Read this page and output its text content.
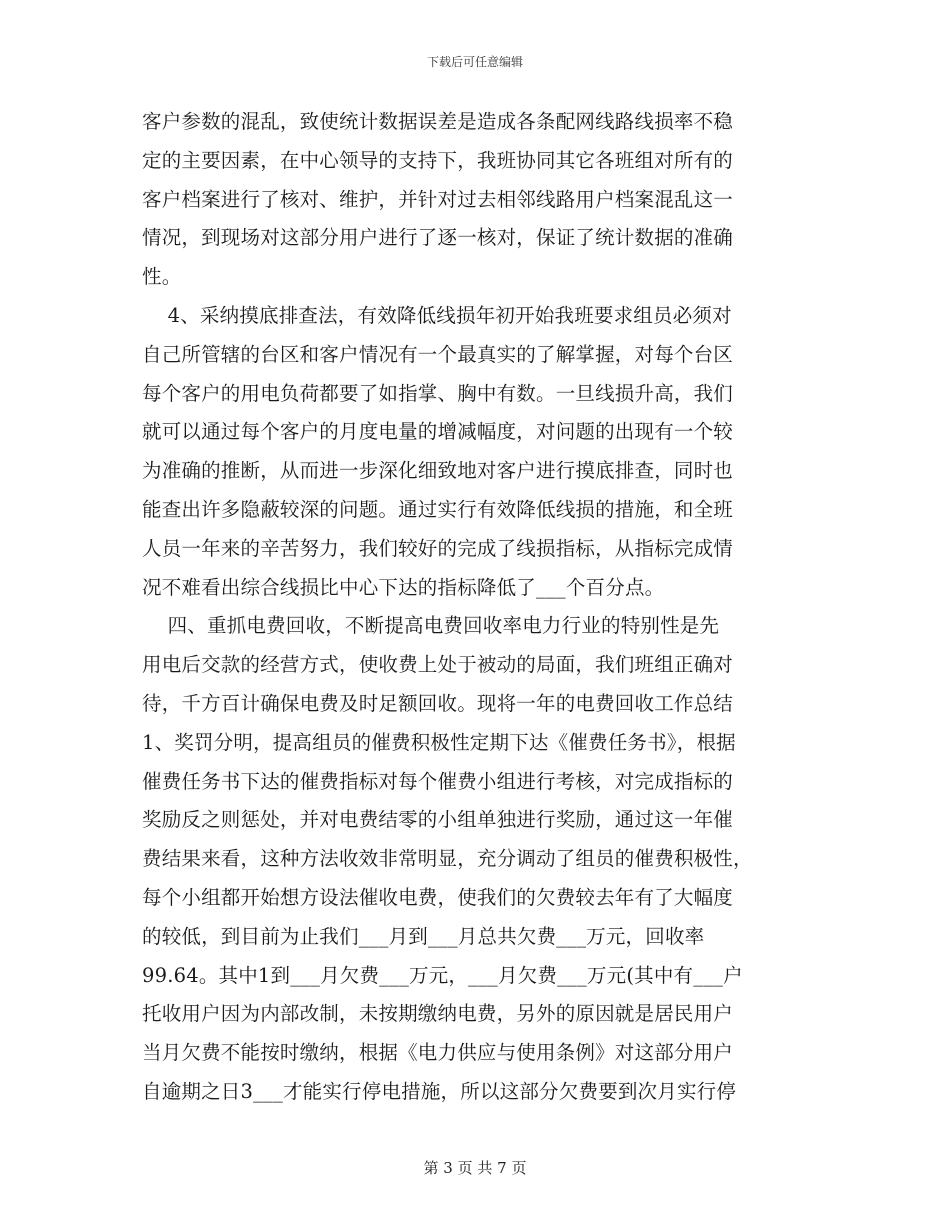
下载后可任意编辑
客户参数的混乱，致使统计数据误差是造成各条配网线路线损率不稳
定的主要因素，在中心领导的支持下，我班协同其它各班组对所有的
客户档案进行了核对、维护，并针对过去相邻线路用户档案混乱这一
情况，到现场对这部分用户进行了逐一核对，保证了统计数据的准确
性。
4、采纳摸底排查法，有效降低线损年初开始我班要求组员必须对
自己所管辖的台区和客户情况有一个最真实的了解掌握，对每个台区
每个客户的用电负荷都要了如指掌、胸中有数。一旦线损升高，我们
就可以通过每个客户的月度电量的增减幅度，对问题的出现有一个较
为准确的推断，从而进一步深化细致地对客户进行摸底排查，同时也
能查出许多隐蔽较深的问题。通过实行有效降低线损的措施，和全班
人员一年来的辛苦努力，我们较好的完成了线损指标，从指标完成情
况不难看出综合线损比中心下达的指标降低了___个百分点。
四、重抓电费回收，不断提高电费回收率电力行业的特别性是先
用电后交款的经营方式，使收费上处于被动的局面，我们班组正确对
待，千方百计确保电费及时足额回收。现将一年的电费回收工作总结
1、奖罚分明，提高组员的催费积极性定期下达《催费任务书》，根据
催费任务书下达的催费指标对每个催费小组进行考核，对完成指标的
奖励反之则惩处，并对电费结零的小组单独进行奖励，通过这一年催
费结果来看，这种方法收效非常明显，充分调动了组员的催费积极性，
每个小组都开始想方设法催收电费，使我们的欠费较去年有了大幅度
的较低，到目前为止我们___月到___月总共欠费___万元，回收率
99.64。其中1到___月欠费___万元，___月欠费___万元(其中有___户
托收用户因为内部改制，未按期缴纳电费，另外的原因就是居民用户
当月欠费不能按时缴纳，根据《电力供应与使用条例》对这部分用户
自逾期之日3___才能实行停电措施，所以这部分欠费要到次月实行停
第 3 页 共 7 页
